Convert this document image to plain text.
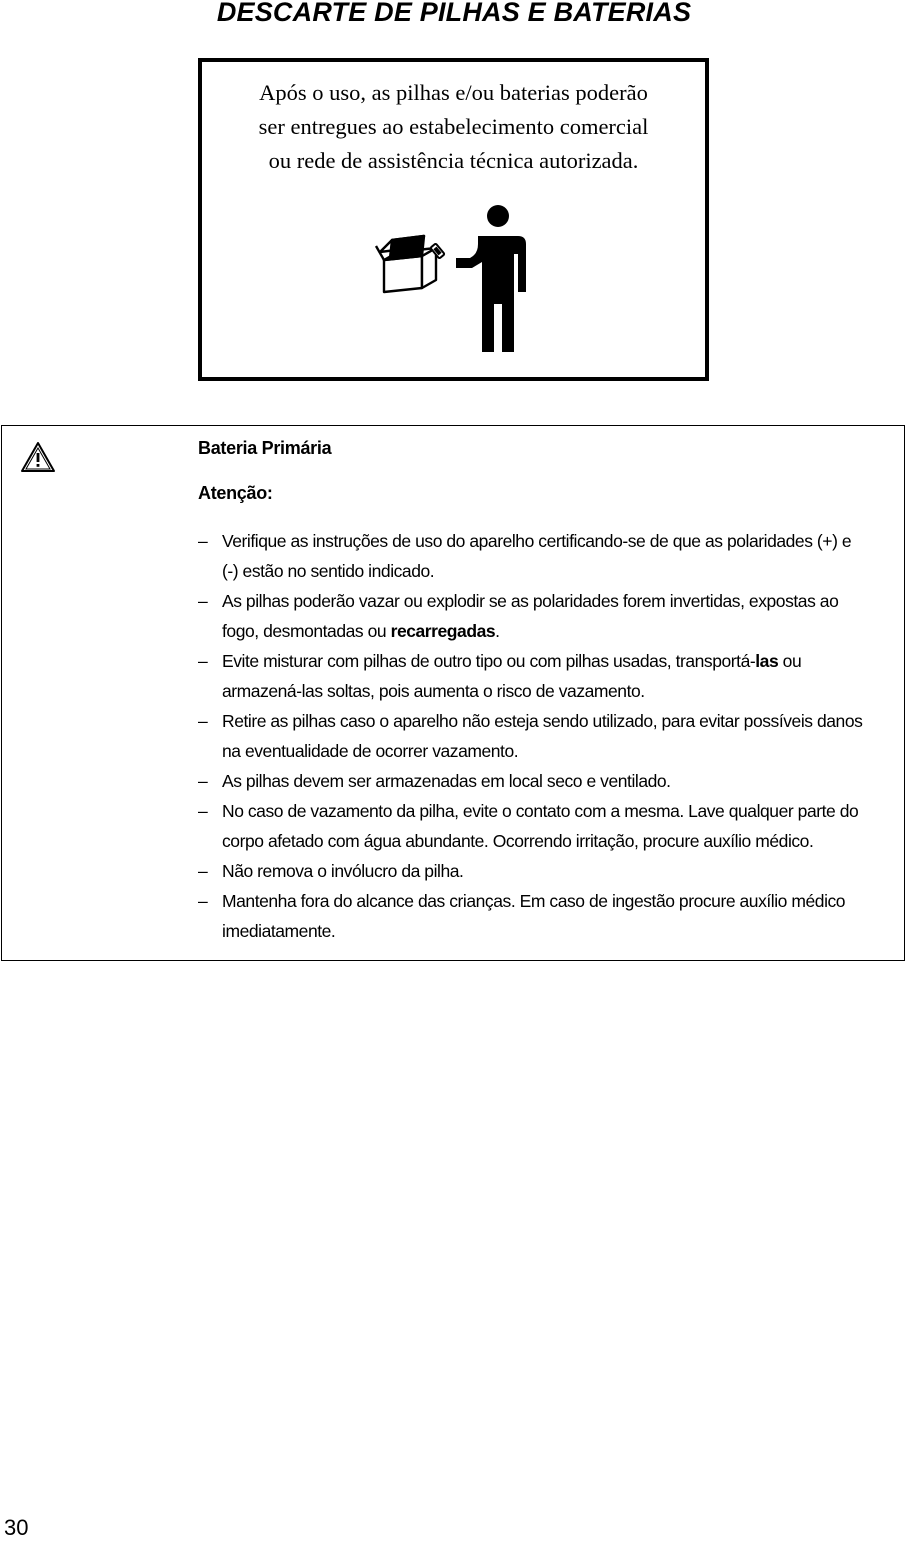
DESCARTE DE PILHAS E BATERIAS
Após o uso, as pilhas e/ou baterias poderão
ser entregues ao estabelecimento comercial
ou rede de assistência técnica autorizada.
Bateria Primária
Atenção:
– Verifique as instruções de uso do aparelho certificando-se de que as polaridades (+) e
(-) estão no sentido indicado.
– As pilhas poderão vazar ou explodir se as polaridades forem invertidas, expostas ao
fogo, desmontadas ou recarregadas.
– Evite misturar com pilhas de outro tipo ou com pilhas usadas, transportá-las ou
armazená-las soltas, pois aumenta o risco de vazamento.
– Retire as pilhas caso o aparelho não esteja sendo utilizado, para evitar possíveis danos
na eventualidade de ocorrer vazamento.
– As pilhas devem ser armazenadas em local seco e ventilado.
– No caso de vazamento da pilha, evite o contato com a mesma. Lave qualquer parte do
corpo afetado com água abundante. Ocorrendo irritação, procure auxílio médico.
– Não remova o invólucro da pilha.
– Mantenha fora do alcance das crianças. Em caso de ingestão procure auxílio médico
imediatamente.
30
